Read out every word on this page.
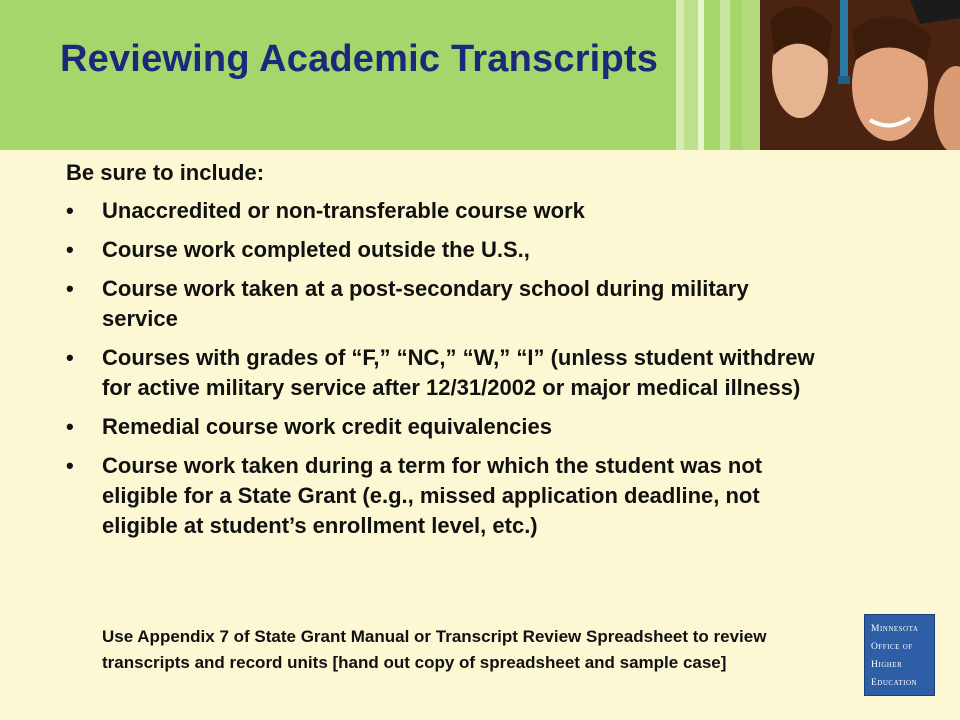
Reviewing Academic Transcripts

Be sure to include:

• Unaccredited or non-transferable course work
• Course work completed outside the U.S.,
• Course work taken at a post-secondary school during military service
• Courses with grades of “F,” “NC,” “W,” “I” (unless student withdrew for active military service after 12/31/2002 or major medical illness)
• Remedial course work credit equivalencies
• Course work taken during a term for which the student was not eligible for a State Grant (e.g., missed application deadline, not eligible at student’s enrollment level, etc.)

Use Appendix 7 of State Grant Manual or Transcript Review Spreadsheet to review transcripts and record units [hand out copy of spreadsheet and sample case]

Minnesota
Office of
Higher
Education
